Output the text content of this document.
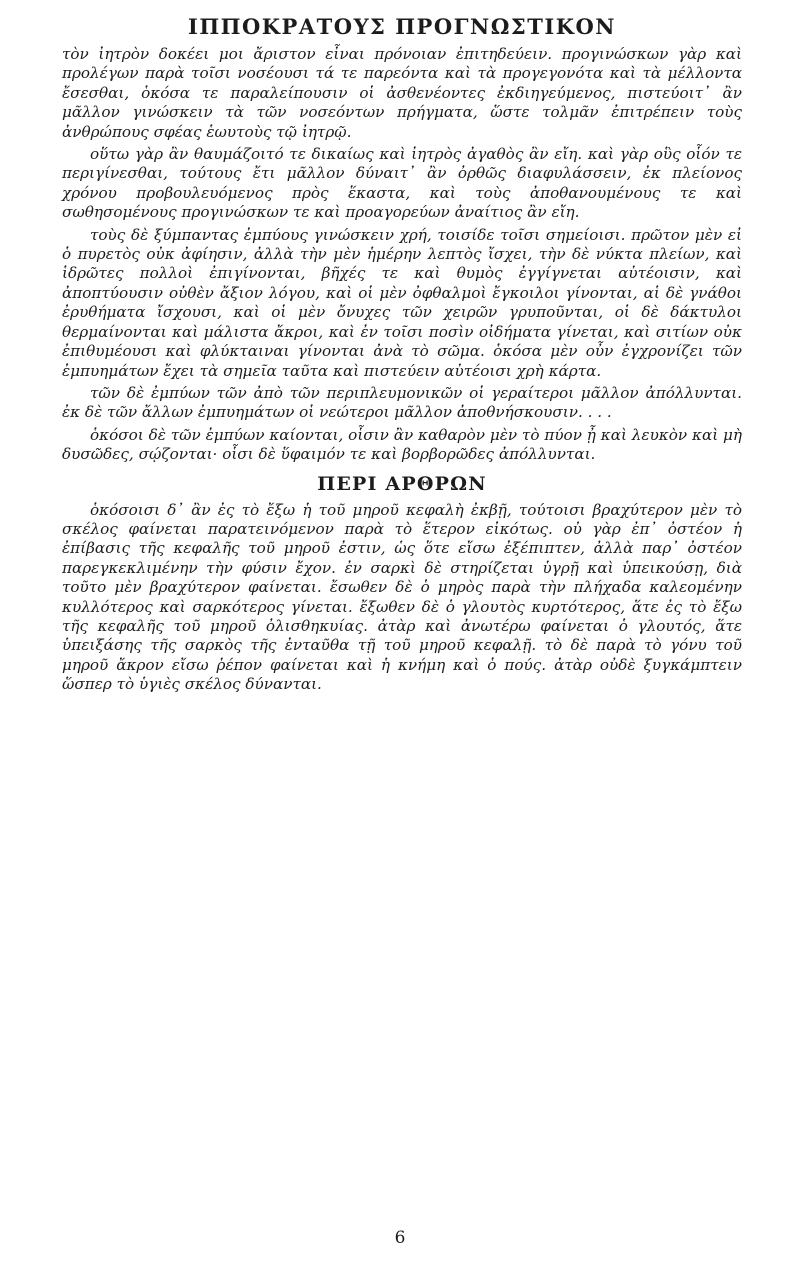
ΙΠΠΟΚΡΑΤΟΥΣ ΠΡΟΓΝΩΣΤΙΚΟΝ

τὸν ἰητρὸν δοκέει μοι ἄριστον εἶναι πρόνοιαν ἐπιτηδεύειν. προγινώσκων γὰρ καὶ προλέγων παρὰ τοῖσι νοσέουσι τά τε παρεόντα καὶ τὰ προγεγονότα καὶ τὰ μέλλοντα ἔσεσθαι, ὁκόσα τε παραλείπουσιν οἱ ἀσθενέοντες ἐκδιηγεύμενος, πιστεύοιτ᾽ ἂν μᾶλλον γινώσκειν τὰ τῶν νοσεόντων πρήγματα, ὥστε τολμᾶν ἐπιτρέπειν τοὺς ἀνθρώπους σφέας ἑωυτοὺς τῷ ἰητρῷ.

οὕτω γὰρ ἂν θαυμάζοιτό τε δικαίως καὶ ἰητρὸς ἀγαθὸς ἂν εἴη. καὶ γὰρ οὓς οἷόν τε περιγίνεσθαι, τούτους ἔτι μᾶλλον δύναιτ᾽ ἂν ὀρθῶς διαφυλάσσειν, ἐκ πλείονος χρόνου προβουλευόμενος πρὸς ἕκαστα, καὶ τοὺς ἀποθανουμένους τε καὶ σωθησομένους προγινώσκων τε καὶ προαγορεύων ἀναίτιος ἂν εἴη.

τοὺς δὲ ξύμπαντας ἐμπύους γινώσκειν χρή, τοισίδε τοῖσι σημείοισι. πρῶτον μὲν εἰ ὁ πυρετὸς οὐκ ἀφίησιν, ἀλλὰ τὴν μὲν ἡμέρην λεπτὸς ἴσχει, τὴν δὲ νύκτα πλείων, καὶ ἱδρῶτες πολλοὶ ἐπιγίνονται, βῆχές τε καὶ θυμὸς ἐγγίγνεται αὐτέοισιν, καὶ ἀποπτύουσιν οὐθὲν ἄξιον λόγου, καὶ οἱ μὲν ὀφθαλμοὶ ἔγκοιλοι γίνονται, αἱ δὲ γνάθοι ἐρυθήματα ἴσχουσι, καὶ οἱ μὲν ὄνυχες τῶν χειρῶν γρυποῦνται, οἱ δὲ δάκτυλοι θερμαίνονται καὶ μάλιστα ἄκροι, καὶ ἐν τοῖσι ποσὶν οἰδήματα γίνεται, καὶ σιτίων οὐκ ἐπιθυμέουσι καὶ φλύκταιναι γίνονται ἀνὰ τὸ σῶμα. ὁκόσα μὲν οὖν ἐγχρονίζει τῶν ἐμπυημάτων ἔχει τὰ σημεῖα ταῦτα καὶ πιστεύειν αὐτέοισι χρὴ κάρτα.

τῶν δὲ ἐμπύων τῶν ἀπὸ τῶν περιπλευμονικῶν οἱ γεραίτεροι μᾶλλον ἀπόλλυνται. ἐκ δὲ τῶν ἄλλων ἐμπυημάτων οἱ νεώτεροι μᾶλλον ἀποθνήσκουσιν. . . .

ὁκόσοι δὲ τῶν ἐμπύων καίονται, οἷσιν ἂν καθαρὸν μὲν τὸ πύον ᾖ καὶ λευκὸν καὶ μὴ δυσῶδες, σῴζονται· οἷσι δὲ ὕφαιμόν τε καὶ βορβορῶδες ἀπόλλυνται.

ΠΕΡΙ ΑΡΘΡΩΝ

ὁκόσοισι δ᾽ ἂν ἐς τὸ ἔξω ἡ τοῦ μηροῦ κεφαλὴ ἐκβῇ, τούτοισι βραχύτερον μὲν τὸ σκέλος φαίνεται παρατεινόμενον παρὰ τὸ ἕτερον εἰκότως. οὐ γὰρ ἐπ᾽ ὀστέον ἡ ἐπίβασις τῆς κεφαλῆς τοῦ μηροῦ ἐστιν, ὡς ὅτε εἴσω ἐξέπιπτεν, ἀλλὰ παρ᾽ ὀστέον παρεγκεκλιμένην τὴν φύσιν ἔχον. ἐν σαρκὶ δὲ στηρίζεται ὑγρῇ καὶ ὑπεικούσῃ, διὰ τοῦτο μὲν βραχύτερον φαίνεται. ἔσωθεν δὲ ὁ μηρὸς παρὰ τὴν πλήχαδα καλεομένην κυλλότερος καὶ σαρκότερος γίνεται. ἔξωθεν δὲ ὁ γλουτὸς κυρτότερος, ἅτε ἐς τὸ ἔξω τῆς κεφαλῆς τοῦ μηροῦ ὀλισθηκυίας. ἀτὰρ καὶ ἀνωτέρω φαίνεται ὁ γλουτός, ἅτε ὑπειξάσης τῆς σαρκὸς τῆς ἐνταῦθα τῇ τοῦ μηροῦ κεφαλῇ. τὸ δὲ παρὰ τὸ γόνυ τοῦ μηροῦ ἄκρον εἴσω ῥέπον φαίνεται καὶ ἡ κνήμη καὶ ὁ πούς. ἀτὰρ οὐδὲ ξυγκάμπτειν ὥσπερ τὸ ὑγιὲς σκέλος δύνανται.

6
